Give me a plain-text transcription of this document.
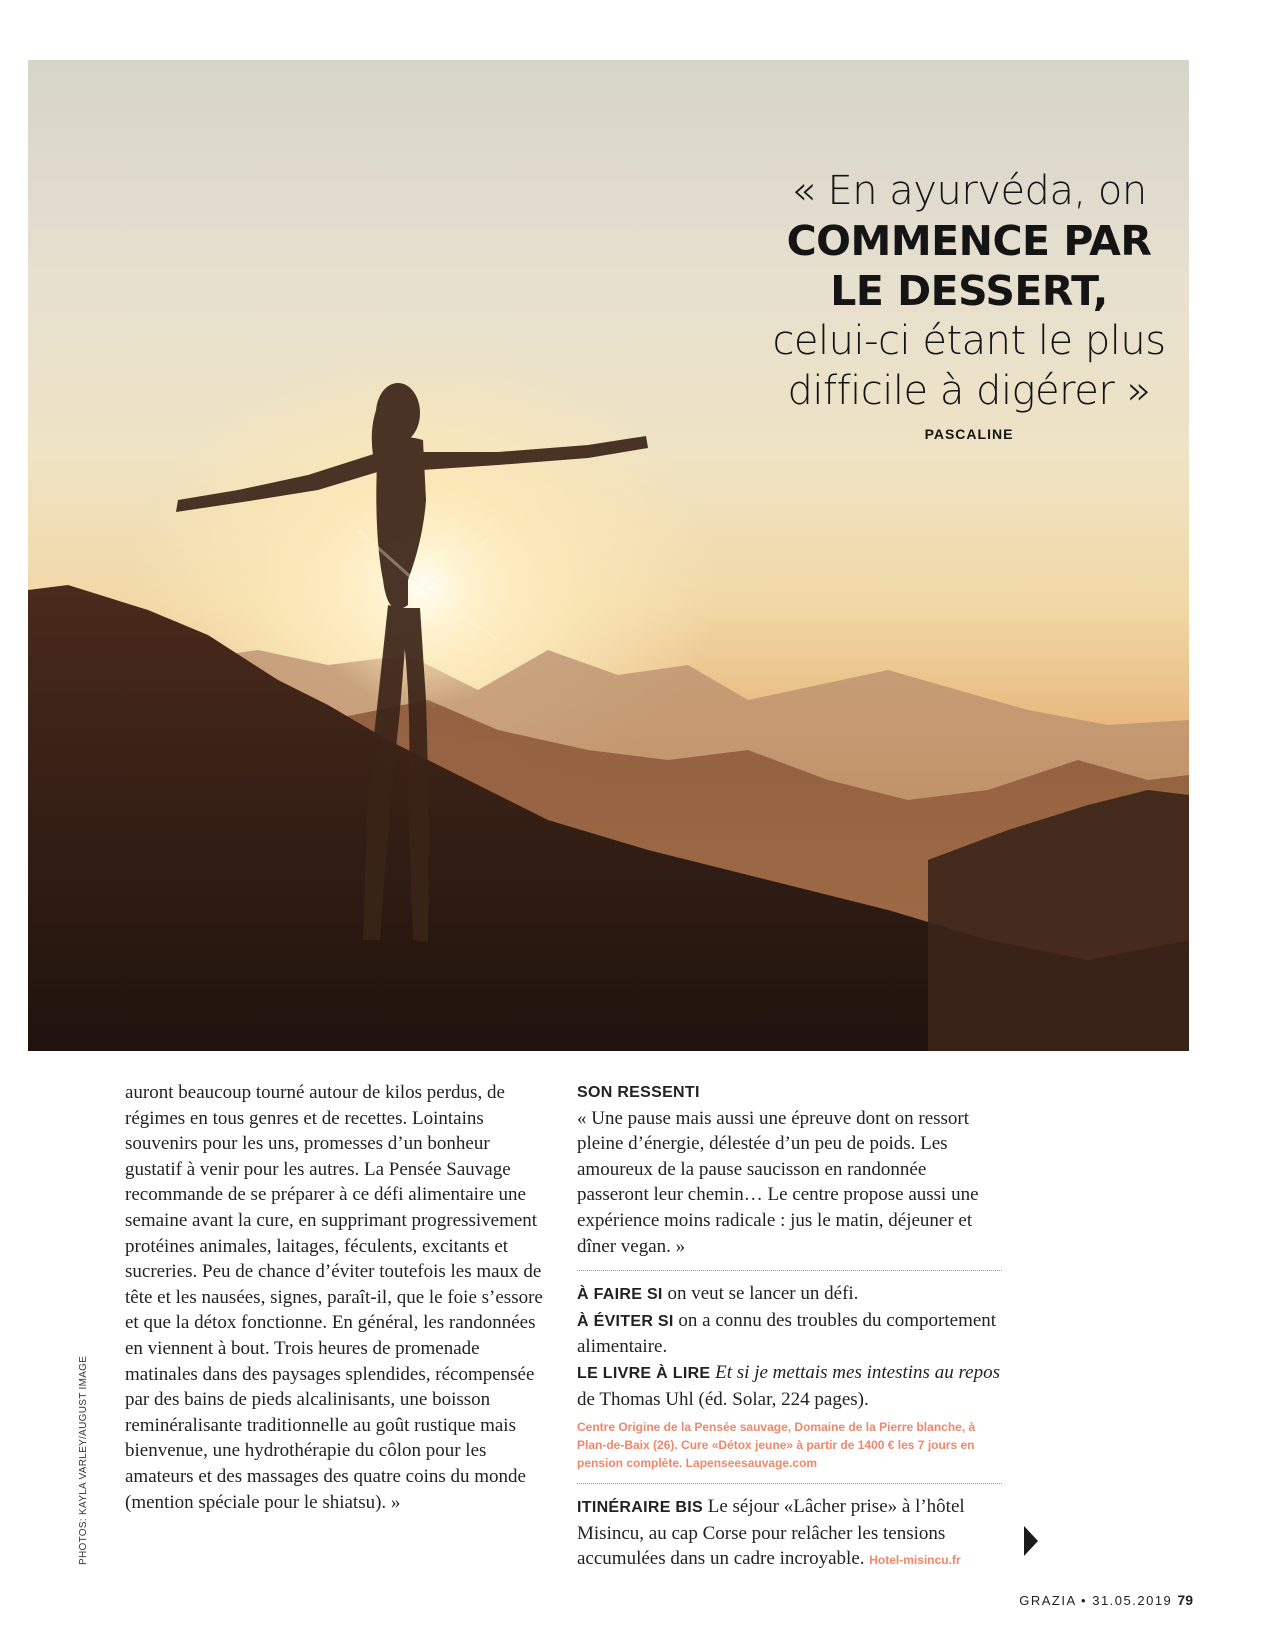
« En ayurvéda, on
COMMENCE PAR
LE DESSERT,
celui-ci étant le plus
difficile à digérer »
PASCALINE
PHOTOS: KAYLA VARLEY/AUGUST IMAGE
auront beaucoup tourné autour de kilos perdus, de régimes en tous genres et de recettes. Lointains souvenirs pour les uns, promesses d’un bonheur gustatif à venir pour les autres. La Pensée Sauvage recommande de se préparer à ce défi alimentaire une semaine avant la cure, en supprimant progressivement protéines animales, laitages, féculents, excitants et sucreries. Peu de chance d’éviter toutefois les maux de tête et les nausées, signes, paraît-il, que le foie s’essore et que la détox fonctionne. En général, les randonnées en viennent à bout. Trois heures de promenade matinales dans des paysages splendides, récompensée par des bains de pieds alcalinisants, une boisson reminéralisante traditionnelle au goût rustique mais bienvenue, une hydrothérapie du côlon pour les amateurs et des massages des quatre coins du monde (mention spéciale pour le shiatsu). »
SON RESSENTI
« Une pause mais aussi une épreuve dont on ressort pleine d’énergie, délestée d’un peu de poids. Les amoureux de la pause saucisson en randonnée passeront leur chemin… Le centre propose aussi une expérience moins radicale : jus le matin, déjeuner et dîner vegan. »
À FAIRE SI on veut se lancer un défi.
À ÉVITER SI on a connu des troubles du comportement alimentaire.
LE LIVRE À LIRE Et si je mettais mes intestins au repos de Thomas Uhl (éd. Solar, 224 pages).
Centre Origine de la Pensée sauvage, Domaine de la Pierre blanche, à Plan-de-Baix (26). Cure «Détox jeune» à partir de 1400 € les 7 jours en pension complète. Lapenseesauvage.com
ITINÉRAIRE BIS Le séjour «Lâcher prise» à l’hôtel Misincu, au cap Corse pour relâcher les tensions accumulées dans un cadre incroyable. Hotel-misincu.fr
GRAZIA • 31.05.2019 79
